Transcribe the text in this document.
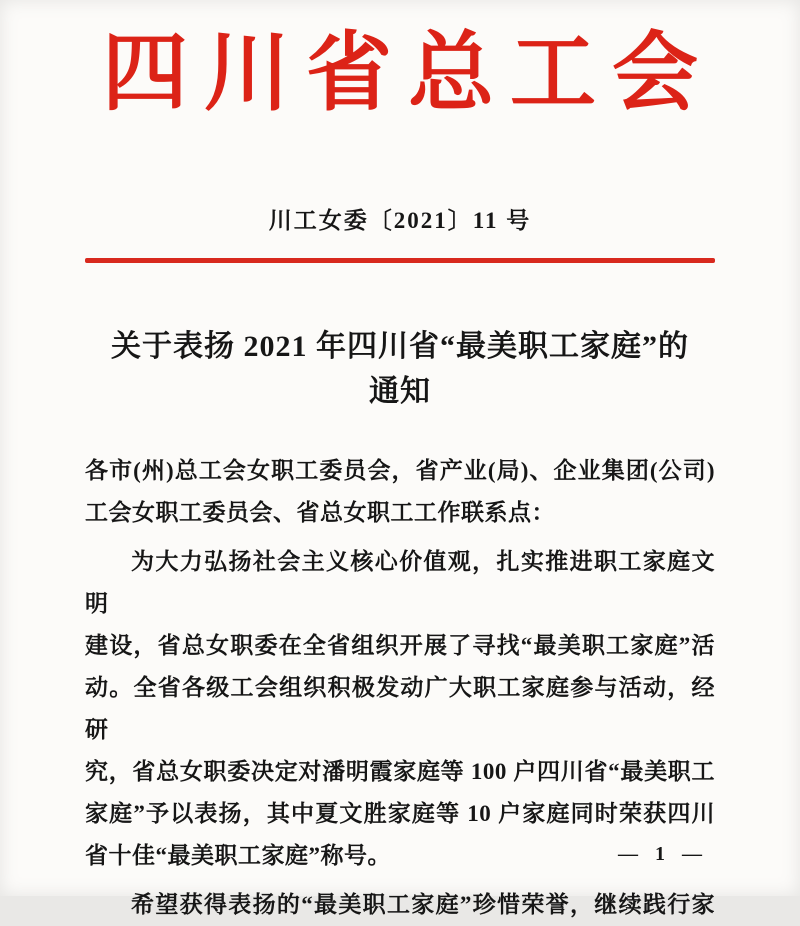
四川省总工会
川工女委〔2021〕11 号
关于表扬 2021 年四川省“最美职工家庭”的
通知
各市(州)总工会女职工委员会，省产业(局)、企业集团(公司)
工会女职工委员会、省总女职工工作联系点：
为大力弘扬社会主义核心价值观，扎实推进职工家庭文明
建设，省总女职委在全省组织开展了寻找“最美职工家庭”活
动。全省各级工会组织积极发动广大职工家庭参与活动，经研
究，省总女职委决定对潘明霞家庭等 100 户四川省“最美职工
家庭”予以表扬，其中夏文胜家庭等 10 户家庭同时荣获四川
省十佳“最美职工家庭”称号。
希望获得表扬的“最美职工家庭”珍惜荣誉，继续践行家
— 1 —
